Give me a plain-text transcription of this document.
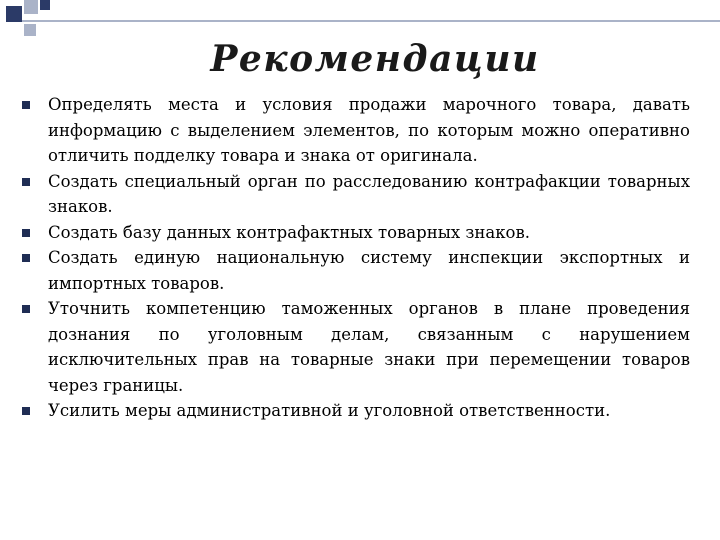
Рекомендации
Определять места и условия продажи марочного товара, давать информацию с выделением элементов, по которым можно оперативно отличить подделку товара и знака от оригинала.
Создать специальный орган по расследованию контрафакции товарных знаков.
Создать базу данных контрафактных товарных знаков.
Создать единую национальную систему инспекции экспортных и импортных товаров.
Уточнить компетенцию таможенных органов в плане проведения дознания по уголовным делам, связанным с нарушением исключительных прав на товарные знаки при перемещении товаров через границы.
Усилить меры административной и уголовной ответственности.
